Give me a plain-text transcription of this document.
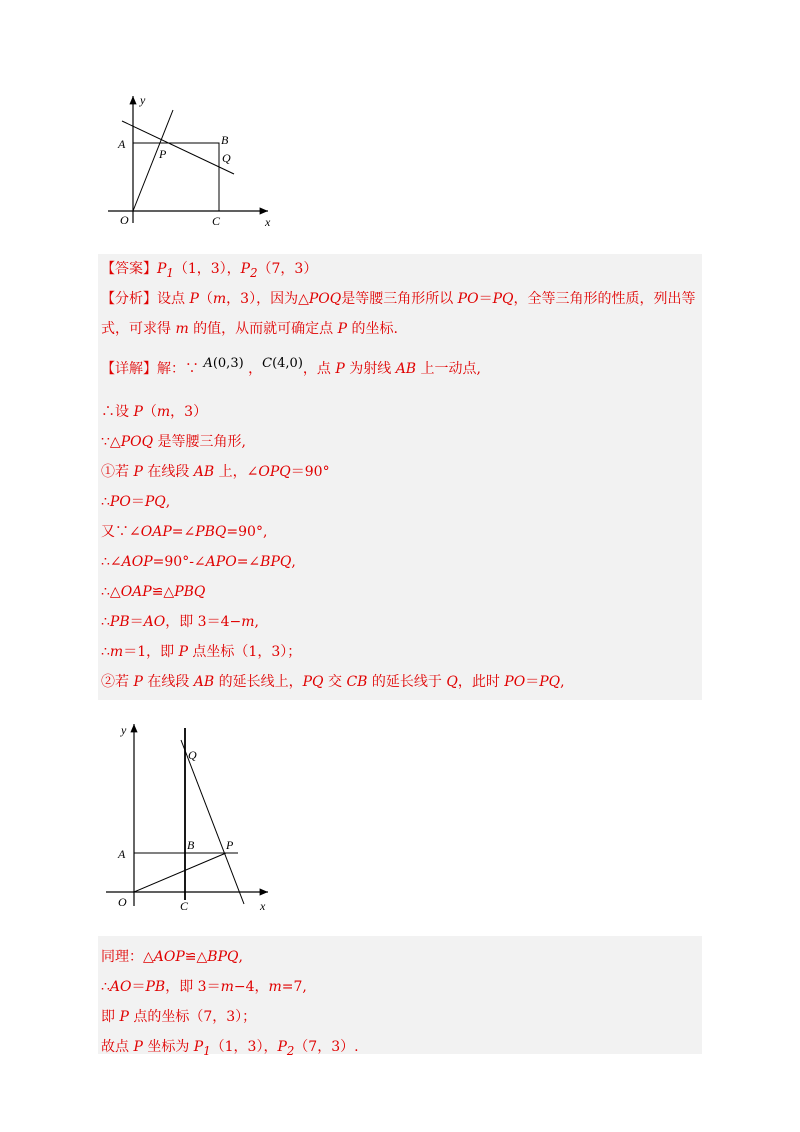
y
A	B
P	Q
O	C	x
【答案】$P_1(1$，3），$P_2(7$，3）
【分析】设点 P（m，3），因为△POQ是等腰三角形所以 PO＝PQ，全等三角形的性质，列出等
式，可求得 m 的值，从而就可确定点 P 的坐标.
【详解】解：∵ A(0,3) ，C(4,0)，点 P 为射线 AB 上一动点,
∴设 P（m，3）
∵△POQ 是等腰三角形,
①若 P 在线段 AB 上，∠OPQ＝90°
∴PO＝PQ,
又∵∠OAP=∠PBQ=90°,
∴∠AOP=90°-∠APO=∠BPQ,
∴△OAP≌△PBQ
∴PB＝AO，即 3＝4−m,
∴m＝1，即 P 点坐标（1，3）；
②若 P 在线段 AB 的延长线上，PQ 交 CB 的延长线于 Q，此时 PO＝PQ,
y
Q
A
B	P
O	C	x
同理：△AOP≌△BPQ,
∴AO＝PB，即 3＝m−4，m=7,
即 P 点的坐标（7，3）；
故点 P 坐标为 $P_1(1$，3），$P_2(7$，3）.
